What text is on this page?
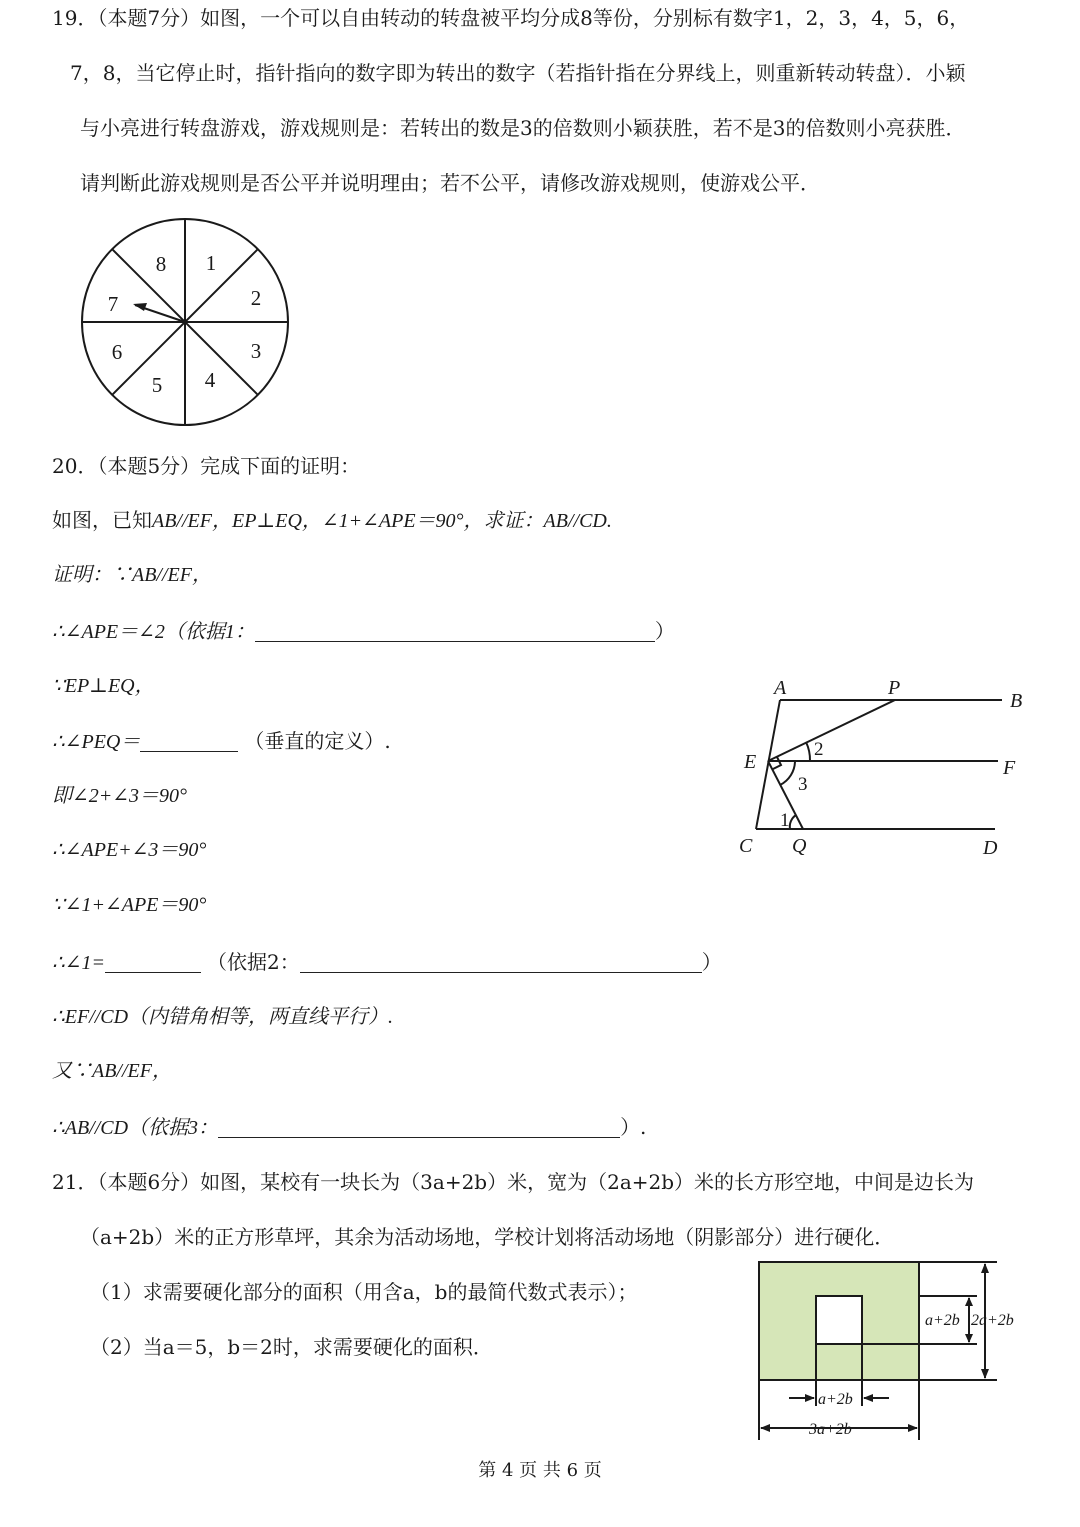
19．（本题7分）如图，一个可以自由转动的转盘被平均分成8等份，分别标有数字1，2，3，4，5，6，
7，8，当它停止时，指针指向的数字即为转出的数字（若指针指在分界线上，则重新转动转盘）．小颖
与小亮进行转盘游戏，游戏规则是：若转出的数是3的倍数则小颖获胜，若不是3的倍数则小亮获胜．
请判断此游戏规则是否公平并说明理由；若不公平，请修改游戏规则，使游戏公平．
1
2
3
4
5
6
7
8
20．（本题5分）完成下面的证明：
如图，已知AB//EF，EP⊥EQ，∠1+∠APE＝90°，求证：AB//CD.
证明：∵AB//EF，
∴∠APE＝∠2（依据1：	）
∵EP⊥EQ，
∴∠PEQ＝	（垂直的定义）.
即∠2+∠3＝90°
∴∠APE+∠3＝90°
∵∠1+∠APE＝90°
∴∠1=	（依据2：	）
∴EF//CD（内错角相等，两直线平行）.
又∵AB//EF，
∴AB//CD（依据3：	）.
A	P
B
E	F
C Q	D
2
3
1
21．（本题6分）如图，某校有一块长为（3a+2b）米，宽为（2a+2b）米的长方形空地，中间是边长为
（a+2b）米的正方形草坪，其余为活动场地，学校计划将活动场地（阴影部分）进行硬化．
（1）求需要硬化部分的面积（用含a，b的最简代数式表示）；
（2）当a＝5，b＝2时，求需要硬化的面积．
a+2b 2a+2b
a+2b
3a+2b
第 4 页 共 6 页
